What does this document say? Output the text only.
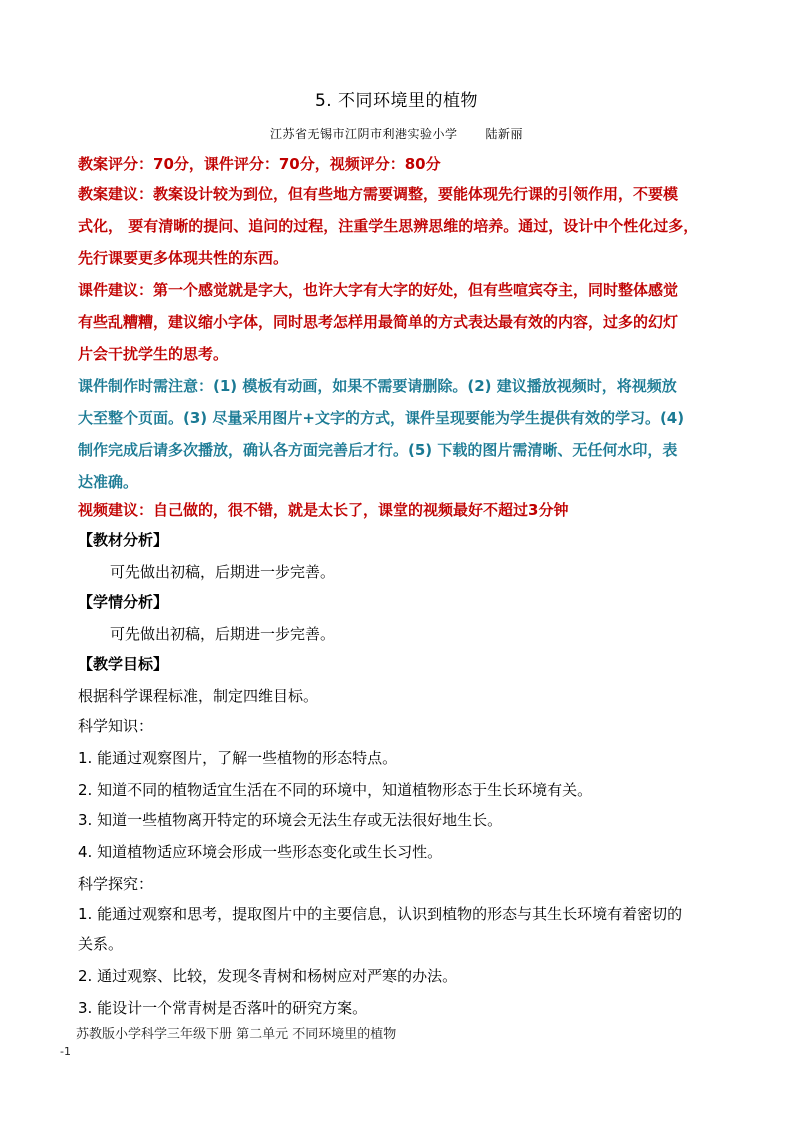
5. 不同环境里的植物
江苏省无锡市江阴市利港实验小学 陆新丽
教案评分：70分，课件评分：70分，视频评分：80分
教案建议：教案设计较为到位，但有些地方需要调整，要能体现先行课的引领作用，不要模
式化， 要有清晰的提问、追问的过程，注重学生思辨思维的培养。通过，设计中个性化过多，
先行课要更多体现共性的东西。
课件建议：第一个感觉就是字大，也许大字有大字的好处，但有些喧宾夺主，同时整体感觉
有些乱糟糟，建议缩小字体，同时思考怎样用最简单的方式表达最有效的内容，过多的幻灯
片会干扰学生的思考。
课件制作时需注意：(1) 模板有动画，如果不需要请删除。(2) 建议播放视频时，将视频放
大至整个页面。(3) 尽量采用图片+文字的方式，课件呈现要能为学生提供有效的学习。(4)
制作完成后请多次播放，确认各方面完善后才行。(5) 下载的图片需清晰、无任何水印，表
达准确。
视频建议：自己做的，很不错，就是太长了，课堂的视频最好不超过3分钟
【教材分析】
可先做出初稿，后期进一步完善。
【学情分析】
可先做出初稿，后期进一步完善。
【教学目标】
根据科学课程标准，制定四维目标。
科学知识：
1. 能通过观察图片，了解一些植物的形态特点。
2. 知道不同的植物适宜生活在不同的环境中，知道植物形态于生长环境有关。
3. 知道一些植物离开特定的环境会无法生存或无法很好地生长。
4. 知道植物适应环境会形成一些形态变化或生长习性。
科学探究：
1. 能通过观察和思考，提取图片中的主要信息，认识到植物的形态与其生长环境有着密切的
关系。
2. 通过观察、比较，发现冬青树和杨树应对严寒的办法。
3. 能设计一个常青树是否落叶的研究方案。
苏教版小学科学三年级下册 第二单元 不同环境里的植物
-1
